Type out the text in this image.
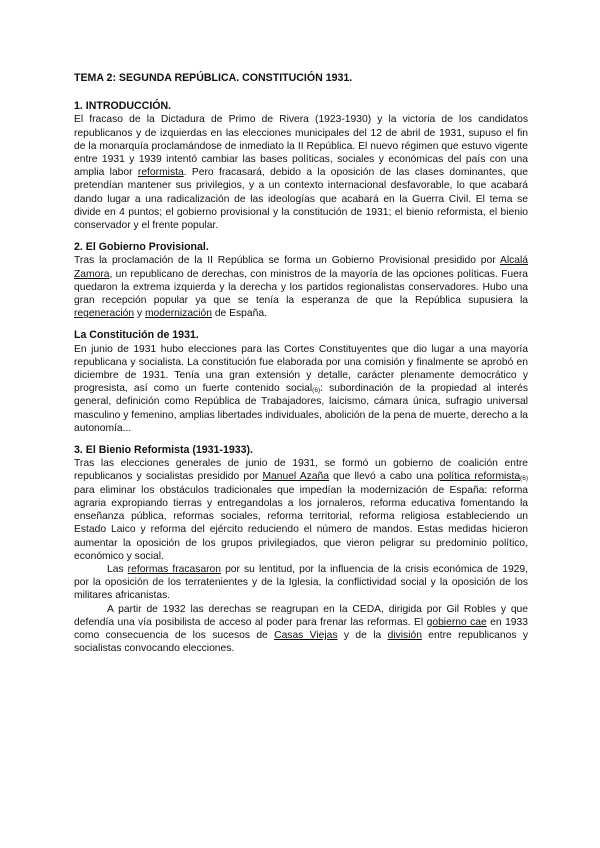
TEMA 2: SEGUNDA REPÚBLICA. CONSTITUCIÓN 1931.

1. INTRODUCCIÓN.

El fracaso de la Dictadura de Primo de Rivera (1923-1930) y la victoria de los candidatos republicanos y de izquierdas en las elecciones municipales del 12 de abril de 1931, supuso el fin de la monarquía proclamándose de inmediato la II República. El nuevo régimen que estuvo vigente entre 1931 y 1939 intentó cambiar las bases políticas, sociales y económicas del país con una amplia labor reformista. Pero fracasará, debido a la oposición de las clases dominantes, que pretendían mantener sus privilegios, y a un contexto internacional desfavorable, lo que acabará dando lugar a una radicalización de las ideologías que acabará en la Guerra Civil. El tema se divide en 4 puntos; el gobierno provisional y la constitución de 1931; el bienio reformista, el bienio conservador y el frente popular.

2. El Gobierno Provisional.

Tras la proclamación de la II República se forma un Gobierno Provisional presidido por Alcalá Zamora, un republicano de derechas, con ministros de la mayoría de las opciones políticas. Fuera quedaron la extrema izquierda y la derecha y los partidos regionalistas conservadores. Hubo una gran recepción popular ya que se tenía la esperanza de que la República supusiera la regeneración y modernización de España.

La Constitución de 1931.

En junio de 1931 hubo elecciones para las Cortes Constituyentes que dio lugar a una mayoría republicana y socialista. La constitución fue elaborada por una comisión y finalmente se aprobó en diciembre de 1931. Tenía una gran extensión y detalle, carácter plenamente democrático y progresista, así como un fuerte contenido social$_{(6)}$: subordinación de la propiedad al interés general, definición como República de Trabajadores, laicismo, cámara única, sufragio universal masculino y femenino, amplias libertades individuales, abolición de la pena de muerte, derecho a la autonomía...

3. El Bienio Reformista (1931-1933).

Tras las elecciones generales de junio de 1931, se formó un gobierno de coalición entre republicanos y socialistas presidido por Manuel Azaña que llevó a cabo una política reformista$_{(6)}$ para eliminar los obstáculos tradicionales que impedían la modernización de España: reforma agraria expropiando tierras y entregandolas a los jornaleros, reforma educativa fomentando la enseñanza pública, reformas sociales, reforma territorial, reforma religiosa estableciendo un Estado Laico y reforma del ejército reduciendo el número de mandos. Estas medidas hicieron aumentar la oposición de los grupos privilegiados, que vieron peligrar su predominio político, económico y social.

Las reformas fracasaron por su lentitud, por la influencia de la crisis económica de 1929, por la oposición de los terratenientes y de la Iglesia, la conflictividad social y la oposición de los militares africanistas.

A partir de 1932 las derechas se reagrupan en la CEDA, dirigida por Gil Robles y que defendía una vía posibilista de acceso al poder para frenar las reformas. El gobierno cae en 1933 como consecuencia de los sucesos de Casas Viejas y de la división entre republicanos y socialistas convocando elecciones.
